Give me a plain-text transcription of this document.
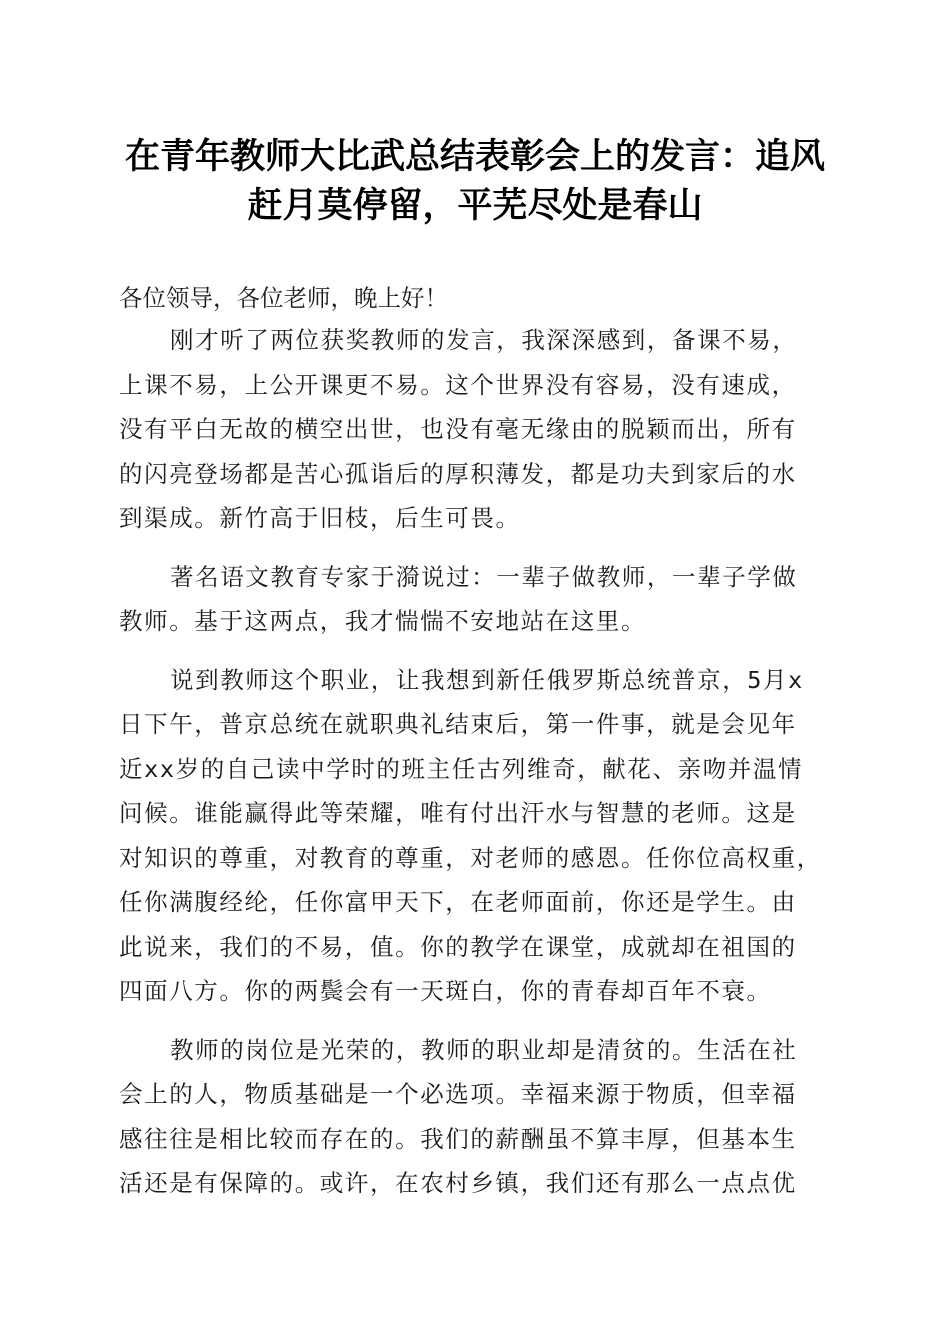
在青年教师大比武总结表彰会上的发言：追风
赶月莫停留，平芜尽处是春山

各位领导，各位老师，晚上好！

刚才听了两位获奖教师的发言，我深深感到，备课不易，
上课不易，上公开课更不易。这个世界没有容易，没有速成，
没有平白无故的横空出世，也没有毫无缘由的脱颖而出，所有
的闪亮登场都是苦心孤诣后的厚积薄发，都是功夫到家后的水
到渠成。新竹高于旧枝，后生可畏。

著名语文教育专家于漪说过：一辈子做教师，一辈子学做
教师。基于这两点，我才惴惴不安地站在这里。

说到教师这个职业，让我想到新任俄罗斯总统普京，5月x
日下午，普京总统在就职典礼结束后，第一件事，就是会见年
近xx岁的自己读中学时的班主任古列维奇，献花、亲吻并温情
问候。谁能赢得此等荣耀，唯有付出汗水与智慧的老师。这是
对知识的尊重，对教育的尊重，对老师的感恩。任你位高权重，
任你满腹经纶，任你富甲天下，在老师面前，你还是学生。由
此说来，我们的不易，值。你的教学在课堂，成就却在祖国的
四面八方。你的两鬓会有一天斑白，你的青春却百年不衰。

教师的岗位是光荣的，教师的职业却是清贫的。生活在社
会上的人，物质基础是一个必选项。幸福来源于物质，但幸福
感往往是相比较而存在的。我们的薪酬虽不算丰厚，但基本生
活还是有保障的。或许，在农村乡镇，我们还有那么一点点优
